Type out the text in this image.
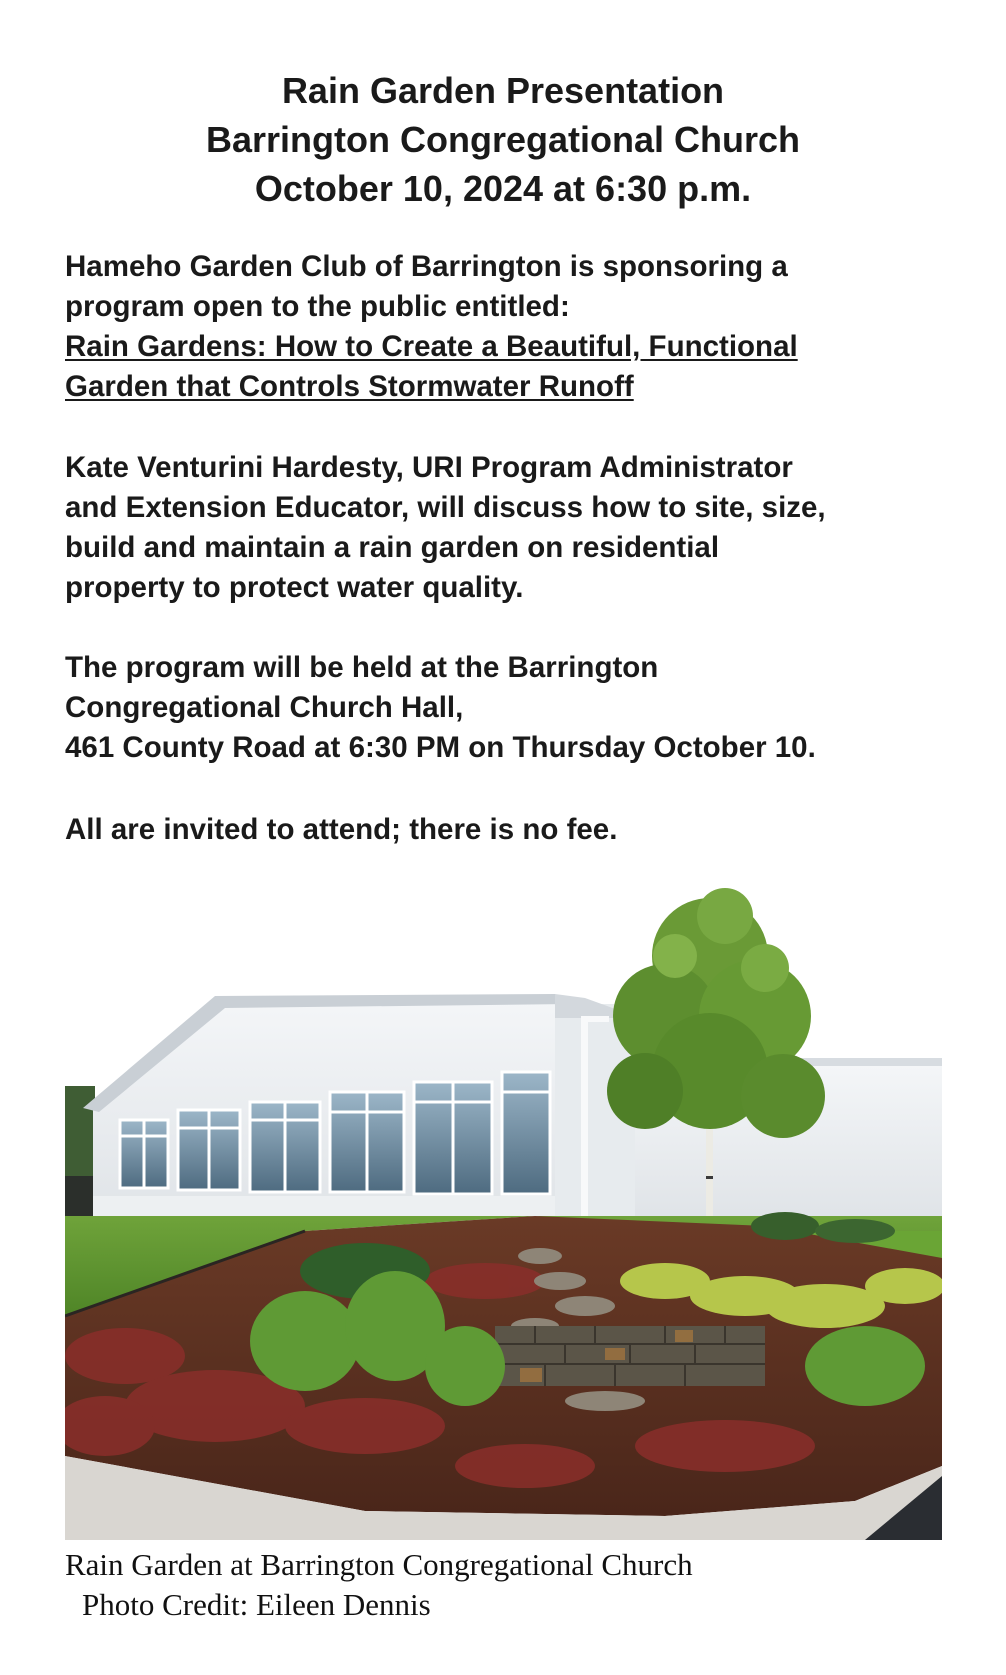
Rain Garden Presentation
Barrington Congregational Church
October 10, 2024 at 6:30 p.m.
Hameho Garden Club of Barrington is sponsoring a
program open to the public entitled:
Rain Gardens: How to Create a Beautiful, Functional
Garden that Controls Stormwater Runoff
Kate Venturini Hardesty, URI Program Administrator
and Extension Educator, will discuss how to site, size,
build and maintain a rain garden on residential
property to protect water quality.
The program will be held at the Barrington
Congregational Church Hall,
461 County Road at 6:30 PM on Thursday October 10.
All are invited to attend; there is no fee.
Rain Garden at Barrington Congregational Church
Photo Credit: Eileen Dennis
